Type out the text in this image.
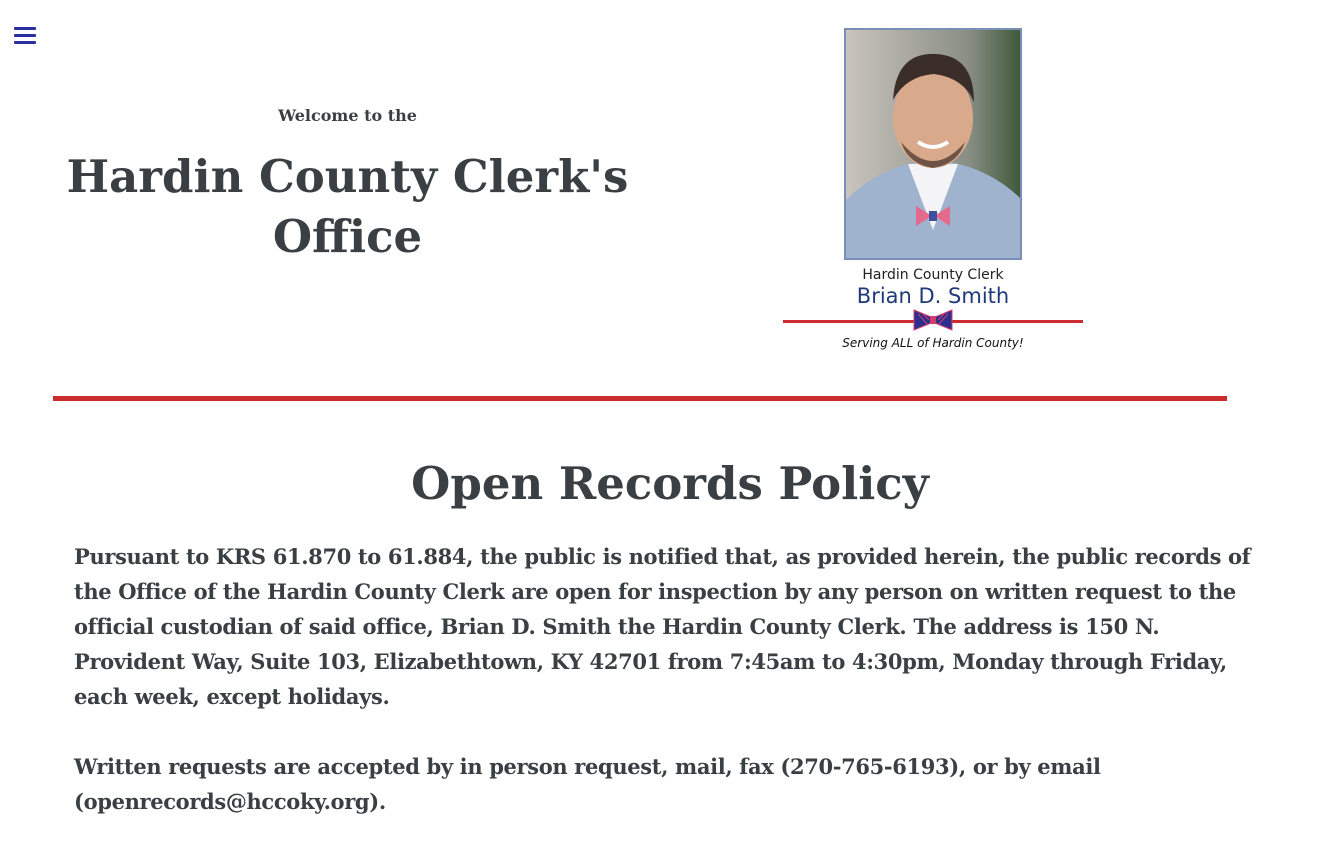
Welcome to the

Hardin County Clerk's Office
Hardin County Clerk
Brian D. Smith
Serving ALL of Hardin County!
Open Records Policy

Pursuant to KRS 61.870 to 61.884, the public is notified that, as provided herein, the public records of the Office of the Hardin County Clerk are open for inspection by any person on written request to the official custodian of said office, Brian D. Smith the Hardin County Clerk. The address is 150 N. Provident Way, Suite 103, Elizabethtown, KY 42701 from 7:45am to 4:30pm, Monday through Friday, each week, except holidays.

Written requests are accepted by in person request, mail, fax (270-765-6193), or by email (openrecords@hccoky.org).
